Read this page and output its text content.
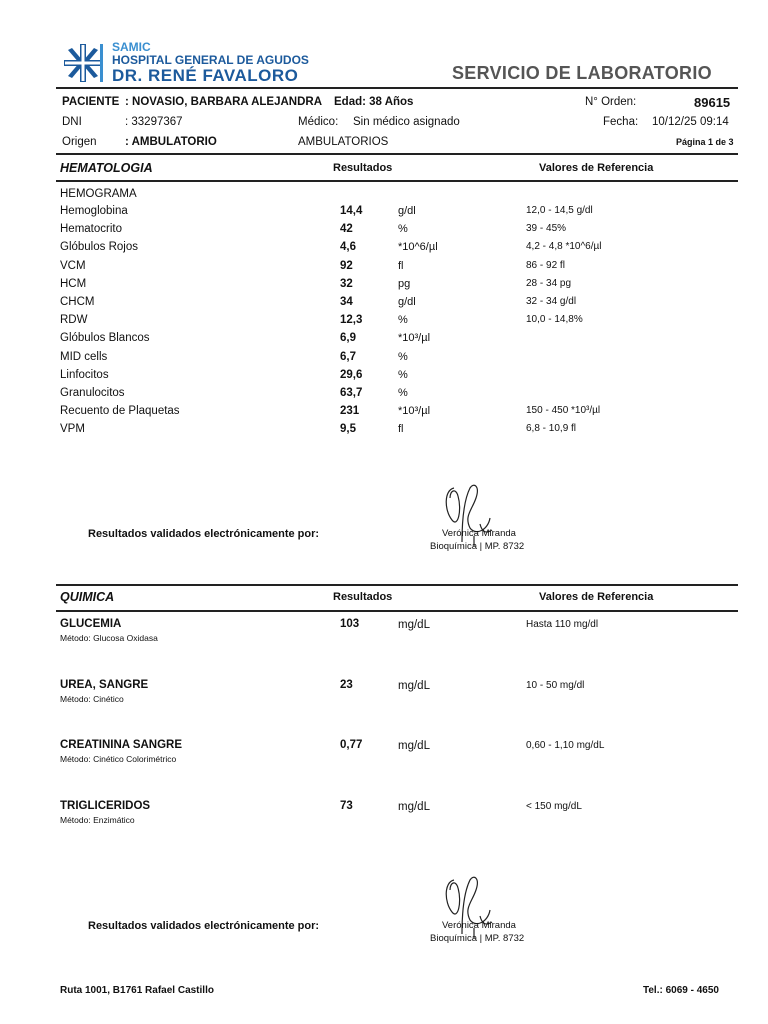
SAMIC
HOSPITAL GENERAL DE AGUDOS
DR. RENÉ FAVALORO	SERVICIO DE LABORATORIO
PACIENTE : NOVASIO, BARBARA ALEJANDRA Edad: 38 Años	N° Orden:	89615
DNI	: 33297367	Médico: Sin médico asignado	Fecha: 10/12/25 09:14
Origen : AMBULATORIO	AMBULATORIOS	Página 1 de 3
HEMATOLOGIA	Resultados	Valores de Referencia
HEMOGRAMA
Hemoglobina	14,4	g/dl	12,0 - 14,5 g/dl
Hematocrito	42	%	39 - 45%
Glóbulos Rojos	4,6	*10^6/µl	4,2 - 4,8 *10^6/µl
VCM	92	fl	86 - 92 fl
HCM	32	pg	28 - 34 pg
CHCM	34	g/dl	32 - 34 g/dl
RDW	12,3	%	10,0 - 14,8%
Glóbulos Blancos	6,9	*10³/µl
MID cells	6,7	%
Linfocitos	29,6	%
Granulocitos	63,7	%
Recuento de Plaquetas	231	*10³/µl	150 - 450 *10³/µl
VPM	9,5	fl	6,8 - 10,9 fl
Resultados validados electrónicamente por:	Verónica Miranda
Bioquímica | MP. 8732
QUIMICA	Resultados	Valores de Referencia
GLUCEMIA
Método: Glucosa Oxidasa
103	mg/dL	Hasta 110 mg/dl
UREA, SANGRE
Método: Cinético
23	mg/dL	10 - 50 mg/dl
CREATININA SANGRE
Método: Cinético Colorimétrico
0,77	mg/dL	0,60 - 1,10 mg/dL
TRIGLICERIDOS
Método: Enzimático
73	mg/dL	< 150 mg/dL
Resultados validados electrónicamente por:	Verónica Miranda
Bioquímica | MP. 8732
Ruta 1001, B1761 Rafael Castillo	Tel.: 6069 - 4650
